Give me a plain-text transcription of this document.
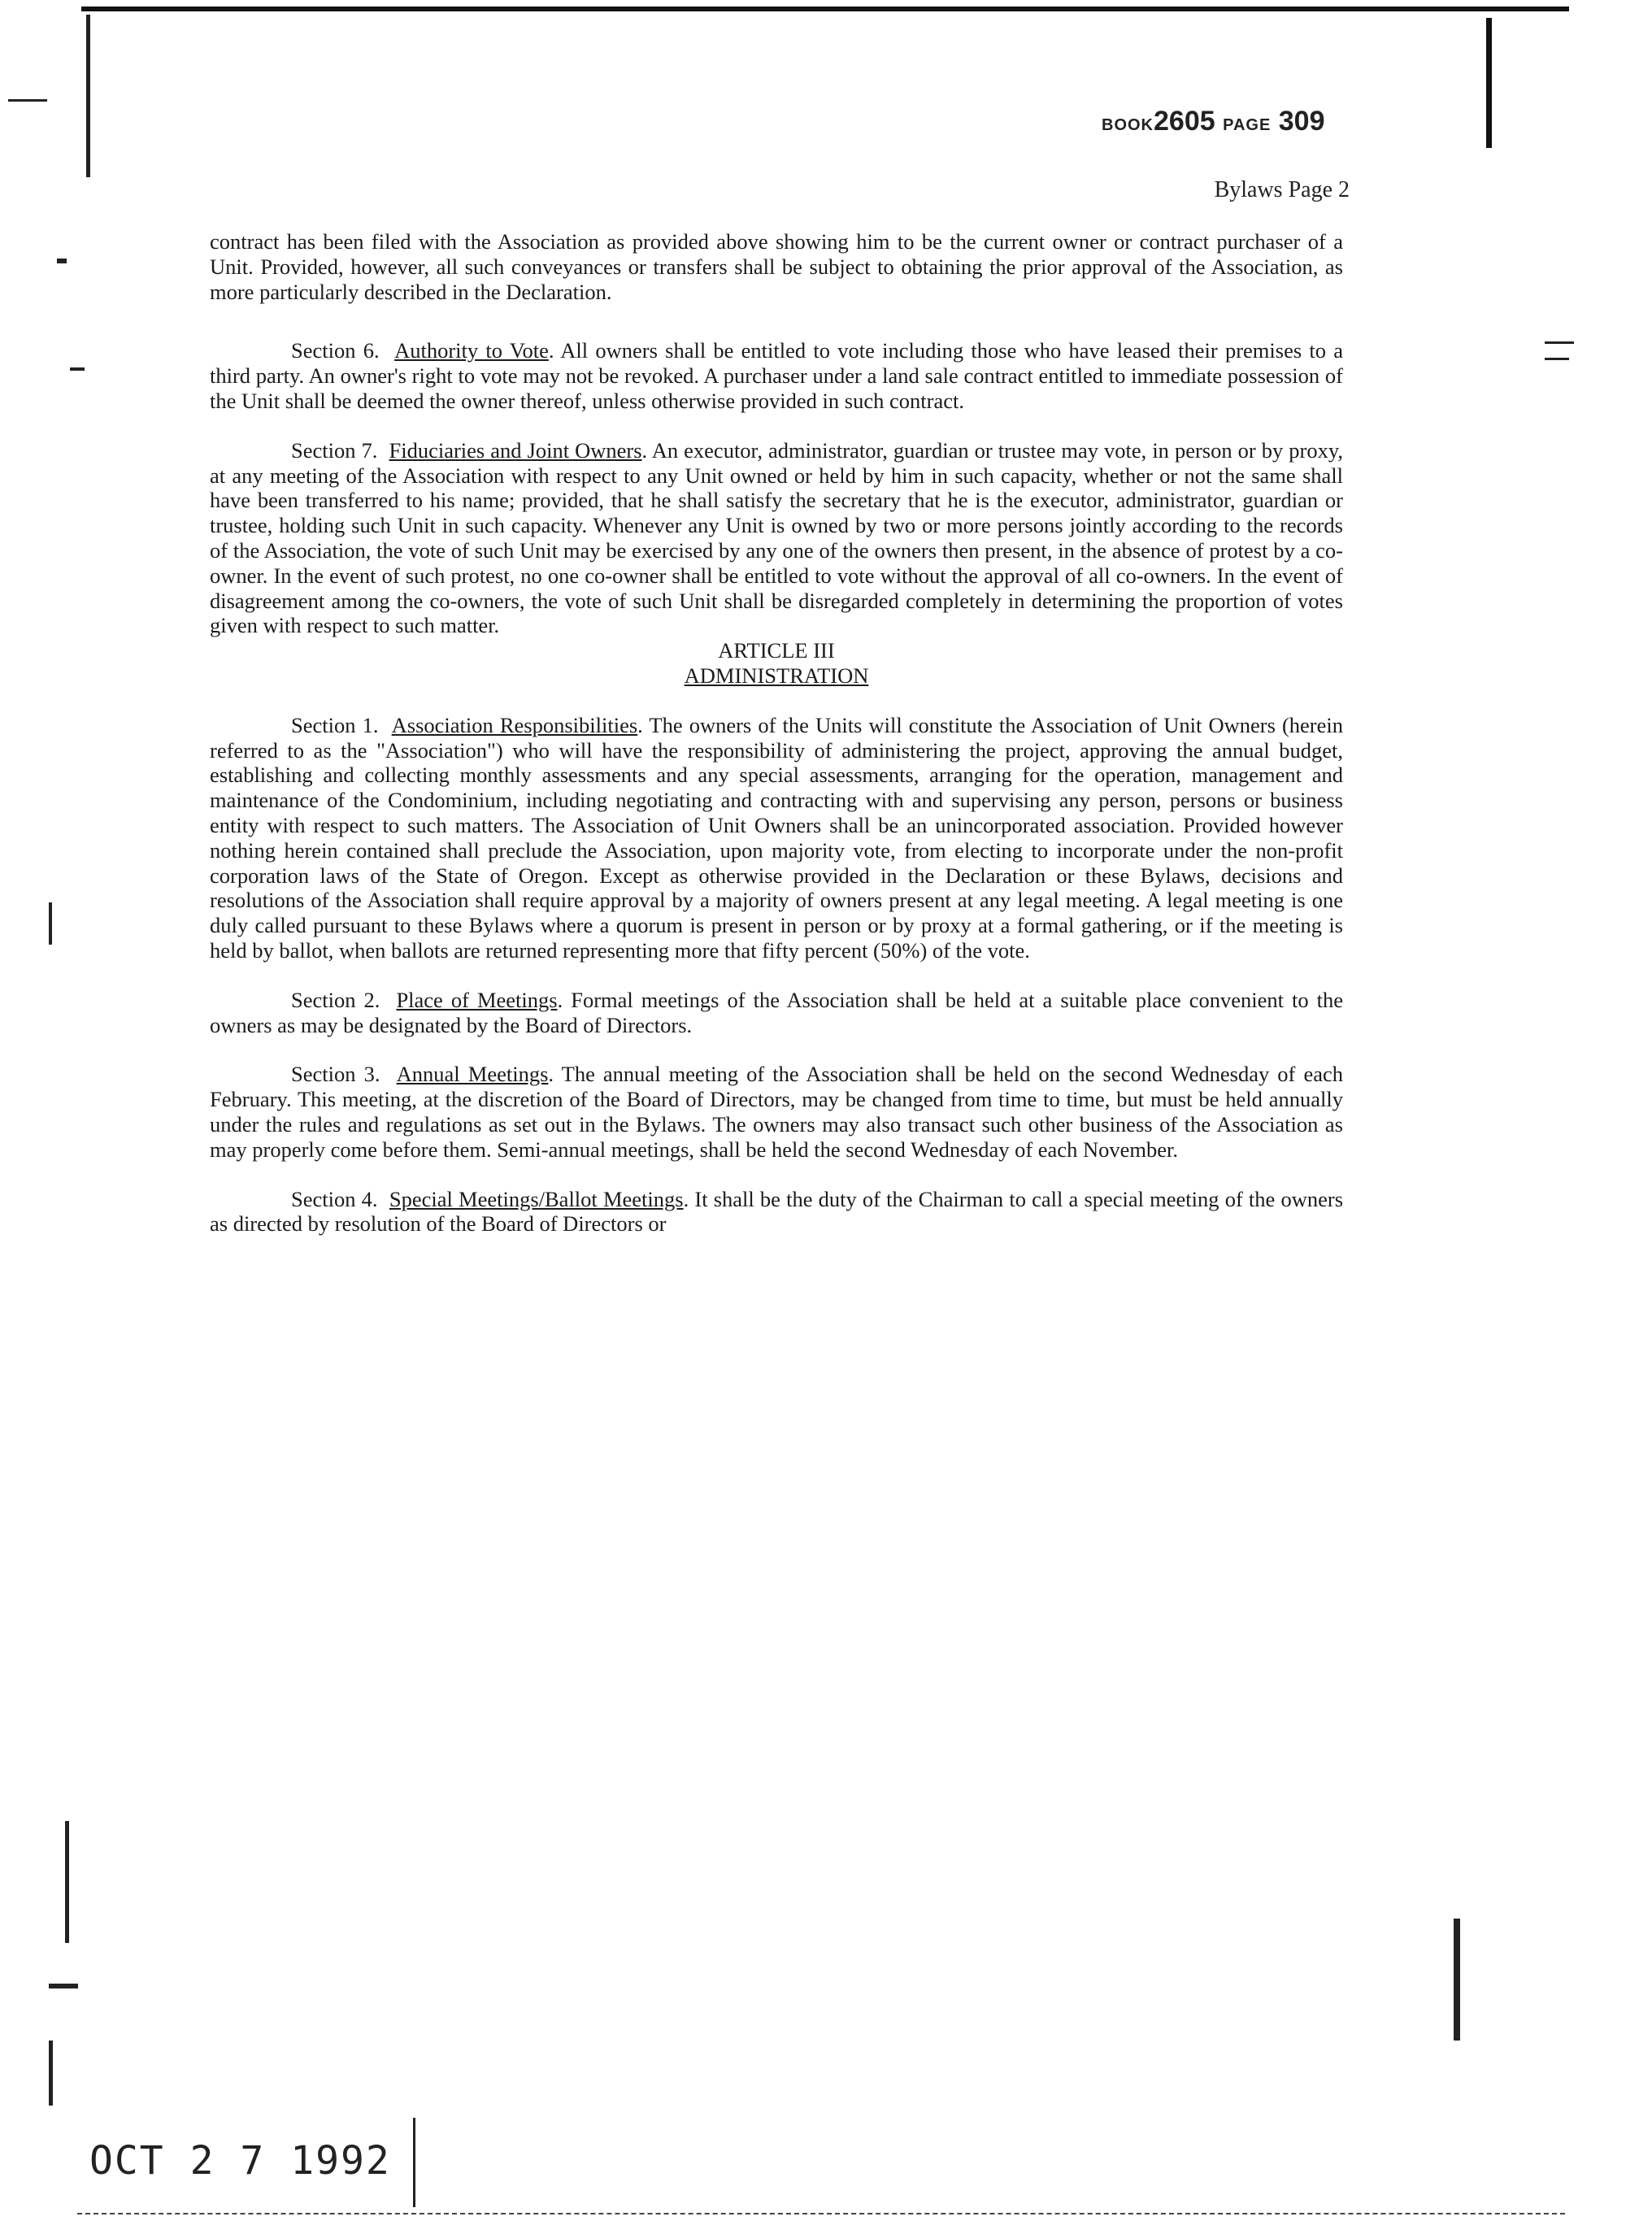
BOOK2605 PAGE 309
Bylaws Page 2

contract has been filed with the Association as provided above showing him to be the current owner or contract purchaser of a Unit. Provided, however, all such conveyances or transfers shall be subject to obtaining the prior approval of the Association, as more particularly described in the Declaration.

Section 6. Authority to Vote. All owners shall be entitled to vote including those who have leased their premises to a third party. An owner's right to vote may not be revoked. A purchaser under a land sale contract entitled to immediate possession of the Unit shall be deemed the owner thereof, unless otherwise provided in such contract.

Section 7. Fiduciaries and Joint Owners. An executor, administrator, guardian or trustee may vote, in person or by proxy, at any meeting of the Association with respect to any Unit owned or held by him in such capacity, whether or not the same shall have been transferred to his name; provided, that he shall satisfy the secretary that he is the executor, administrator, guardian or trustee, holding such Unit in such capacity. Whenever any Unit is owned by two or more persons jointly according to the records of the Association, the vote of such Unit may be exercised by any one of the owners then present, in the absence of protest by a co-owner. In the event of such protest, no one co-owner shall be entitled to vote without the approval of all co-owners. In the event of disagreement among the co-owners, the vote of such Unit shall be disregarded completely in determining the proportion of votes given with respect to such matter.

ARTICLE III

ADMINISTRATION

Section 1. Association Responsibilities. The owners of the Units will constitute the Association of Unit Owners (herein referred to as the "Association") who will have the responsibility of administering the project, approving the annual budget, establishing and collecting monthly assessments and any special assessments, arranging for the operation, management and maintenance of the Condominium, including negotiating and contracting with and supervising any person, persons or business entity with respect to such matters. The Association of Unit Owners shall be an unincorporated association. Provided however nothing herein contained shall preclude the Association, upon majority vote, from electing to incorporate under the non-profit corporation laws of the State of Oregon. Except as otherwise provided in the Declaration or these Bylaws, decisions and resolutions of the Association shall require approval by a majority of owners present at any legal meeting. A legal meeting is one duly called pursuant to these Bylaws where a quorum is present in person or by proxy at a formal gathering, or if the meeting is held by ballot, when ballots are returned representing more that fifty percent (50%) of the vote.

Section 2. Place of Meetings. Formal meetings of the Association shall be held at a suitable place convenient to the owners as may be designated by the Board of Directors.

Section 3. Annual Meetings. The annual meeting of the Association shall be held on the second Wednesday of each February. This meeting, at the discretion of the Board of Directors, may be changed from time to time, but must be held annually under the rules and regulations as set out in the Bylaws. The owners may also transact such other business of the Association as may properly come before them. Semi-annual meetings, shall be held the second Wednesday of each November.

Section 4. Special Meetings/Ballot Meetings. It shall be the duty of the Chairman to call a special meeting of the owners as directed by resolution of the Board of Directors or

OCT 2 7 1992
